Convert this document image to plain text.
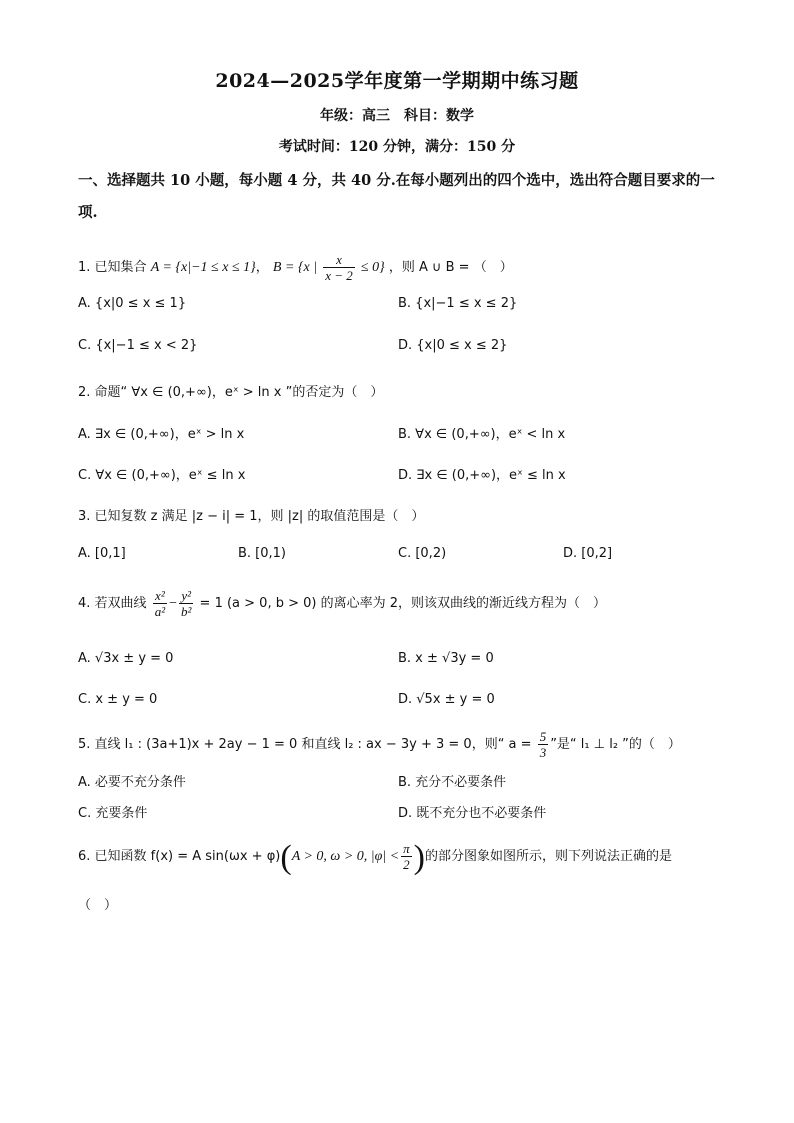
2024—2025学年度第一学期期中练习题
年级：高三　科目：数学
考试时间：120 分钟，满分：150 分
一、选择题共 10 小题，每小题 4 分，共 40 分.在每小题列出的四个选中，选出符合题目要求的一项.
1. 已知集合 A = {x|−1 ≤ x ≤ 1}， B = {x | $\frac{x}{x - 2} \le 0$} ，则 A ∪ B = （　）
A. {x|0 ≤ x ≤ 1}	B. {x|−1 ≤ x ≤ 2}
C. {x|−1 ≤ x < 2}	D. {x|0 ≤ x ≤ 2}
2. 命题“ ∀x ∈ (0,+∞)，eˣ > ln x ”的否定为（　）
A. ∃x ∈ (0,+∞)，eˣ > ln x	B. ∀x ∈ (0,+∞)，eˣ < ln x
C. ∀x ∈ (0,+∞)，eˣ ≤ ln x	D. ∃x ∈ (0,+∞)，eˣ ≤ ln x
3. 已知复数 z 满足 |z − i| = 1，则 |z| 的取值范围是（　）
A. [0,1]	B. [0,1)	C. [0,2)	D. [0,2]
4. 若双曲线 $\frac{\text{x²}}{\text{a²}} - \frac{\text{y²}}{\text{b²}} = 1$ (a > 0, b > 0) 的离心率为 2，则该双曲线的渐近线方程为（　）
A. √3x ± y = 0	B. x ± √3y = 0
C. x ± y = 0	D. √5x ± y = 0
5. 直线 l₁ : (3a+1)x + 2ay − 1 = 0 和直线 l₂ : ax − 3y + 3 = 0，则“ $a = \frac{5}{3}$ ”是“ l₁ ⊥ l₂ ”的（　）
A. 必要不充分条件	B. 充分不必要条件
C. 充要条件	D. 既不充分也不必要条件
6. 已知函数 f(x) = A sin(ωx + φ)(A > 0, ω > 0, $|\varphi| < \frac{\pi}{2}$ )的部分图象如图所示，则下列说法正确的是
（　）
